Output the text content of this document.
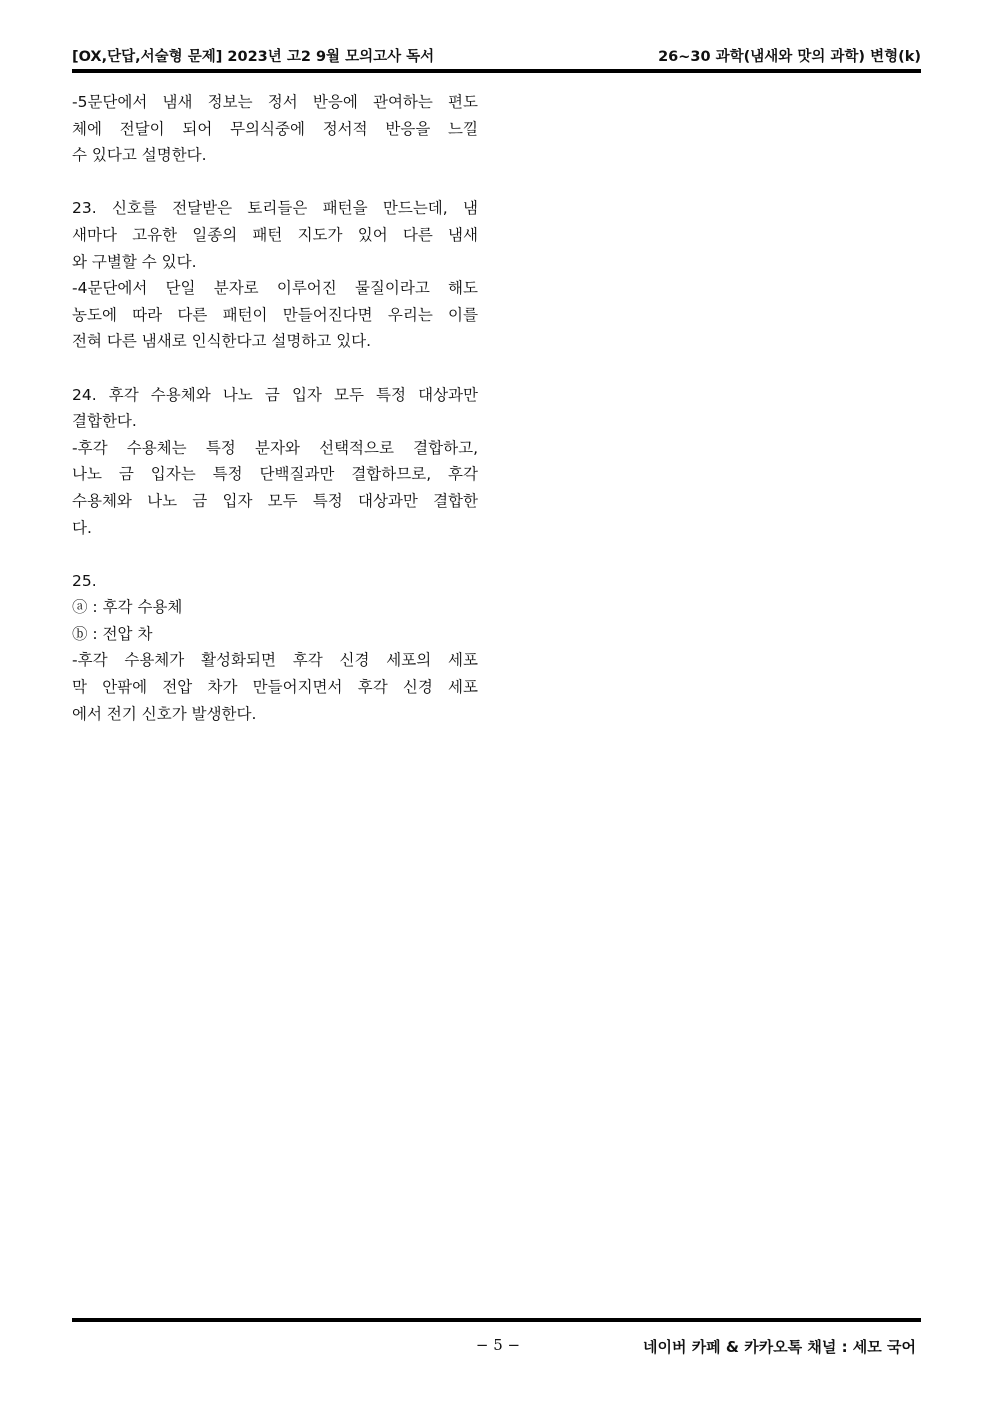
[OX,단답,서술형 문제] 2023년 고2 9월 모의고사 독서	26~30 과학(냄새와 맛의 과학) 변형(k)
-5문단에서 냄새 정보는 정서 반응에 관여하는 편도
체에 전달이 되어 무의식중에 정서적 반응을 느낄
수 있다고 설명한다.
23. 신호를 전달받은 토리들은 패턴을 만드는데, 냄
새마다 고유한 일종의 패턴 지도가 있어 다른 냄새
와 구별할 수 있다.
-4문단에서 단일 분자로 이루어진 물질이라고 해도
농도에 따라 다른 패턴이 만들어진다면 우리는 이를
전혀 다른 냄새로 인식한다고 설명하고 있다.
24. 후각 수용체와 나노 금 입자 모두 특정 대상과만
결합한다.
-후각 수용체는 특정 분자와 선택적으로 결합하고,
나노 금 입자는 특정 단백질과만 결합하므로, 후각
수용체와 나노 금 입자 모두 특정 대상과만 결합한
다.
25.
ⓐ : 후각 수용체
ⓑ : 전압 차
-후각 수용체가 활성화되면 후각 신경 세포의 세포
막 안팎에 전압 차가 만들어지면서 후각 신경 세포
에서 전기 신호가 발생한다.
− 5 −	네이버 카페 & 카카오톡 채널 : 세모 국어
